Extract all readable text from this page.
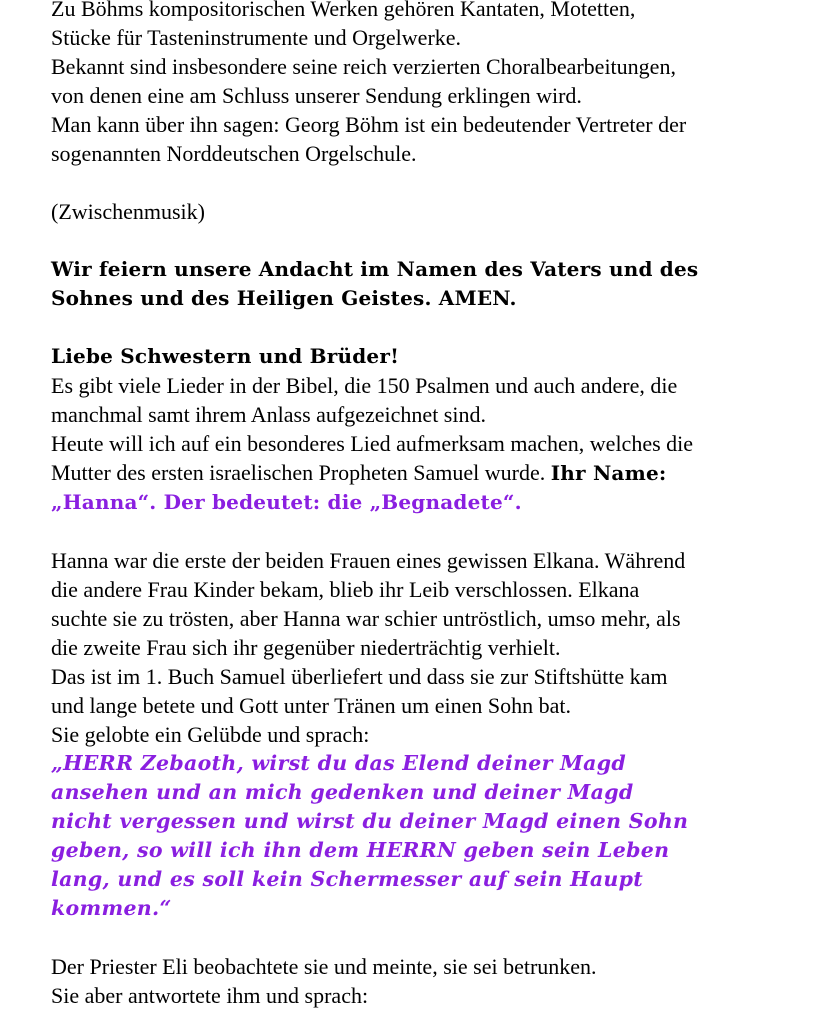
Zu Böhms kompositorischen Werken gehören Kantaten, Motetten,

Stücke für Tasteninstrumente und Orgelwerke.

Bekannt sind insbesondere seine reich verzierten Choralbearbeitungen,

von denen eine am Schluss unserer Sendung erklingen wird.

Man kann über ihn sagen: Georg Böhm ist ein bedeutender Vertreter der

sogenannten Norddeutschen Orgelschule.

(Zwischenmusik)

Wir feiern unsere Andacht im Namen des Vaters und des

Sohnes und des Heiligen Geistes. AMEN.

Liebe Schwestern und Brüder!

Es gibt viele Lieder in der Bibel, die 150 Psalmen und auch andere, die

manchmal samt ihrem Anlass aufgezeichnet sind.

Heute will ich auf ein besonderes Lied aufmerksam machen, welches die

Mutter des ersten israelischen Propheten Samuel wurde. Ihr Name:

„Hanna“. Der bedeutet: die „Begnadete“.

Hanna war die erste der beiden Frauen eines gewissen Elkana. Während

die andere Frau Kinder bekam, blieb ihr Leib verschlossen. Elkana

suchte sie zu trösten, aber Hanna war schier untröstlich, umso mehr, als

die zweite Frau sich ihr gegenüber niederträchtig verhielt.

Das ist im 1. Buch Samuel überliefert und dass sie zur Stiftshütte kam

und lange betete und Gott unter Tränen um einen Sohn bat.

Sie gelobte ein Gelübde und sprach:

„HERR Zebaoth, wirst du das Elend deiner Magd

ansehen und an mich gedenken und deiner Magd

nicht vergessen und wirst du deiner Magd einen Sohn

geben, so will ich ihn dem HERRN geben sein Leben

lang, und es soll kein Schermesser auf sein Haupt

kommen.“

Der Priester Eli beobachtete sie und meinte, sie sei betrunken.

Sie aber antwortete ihm und sprach:
